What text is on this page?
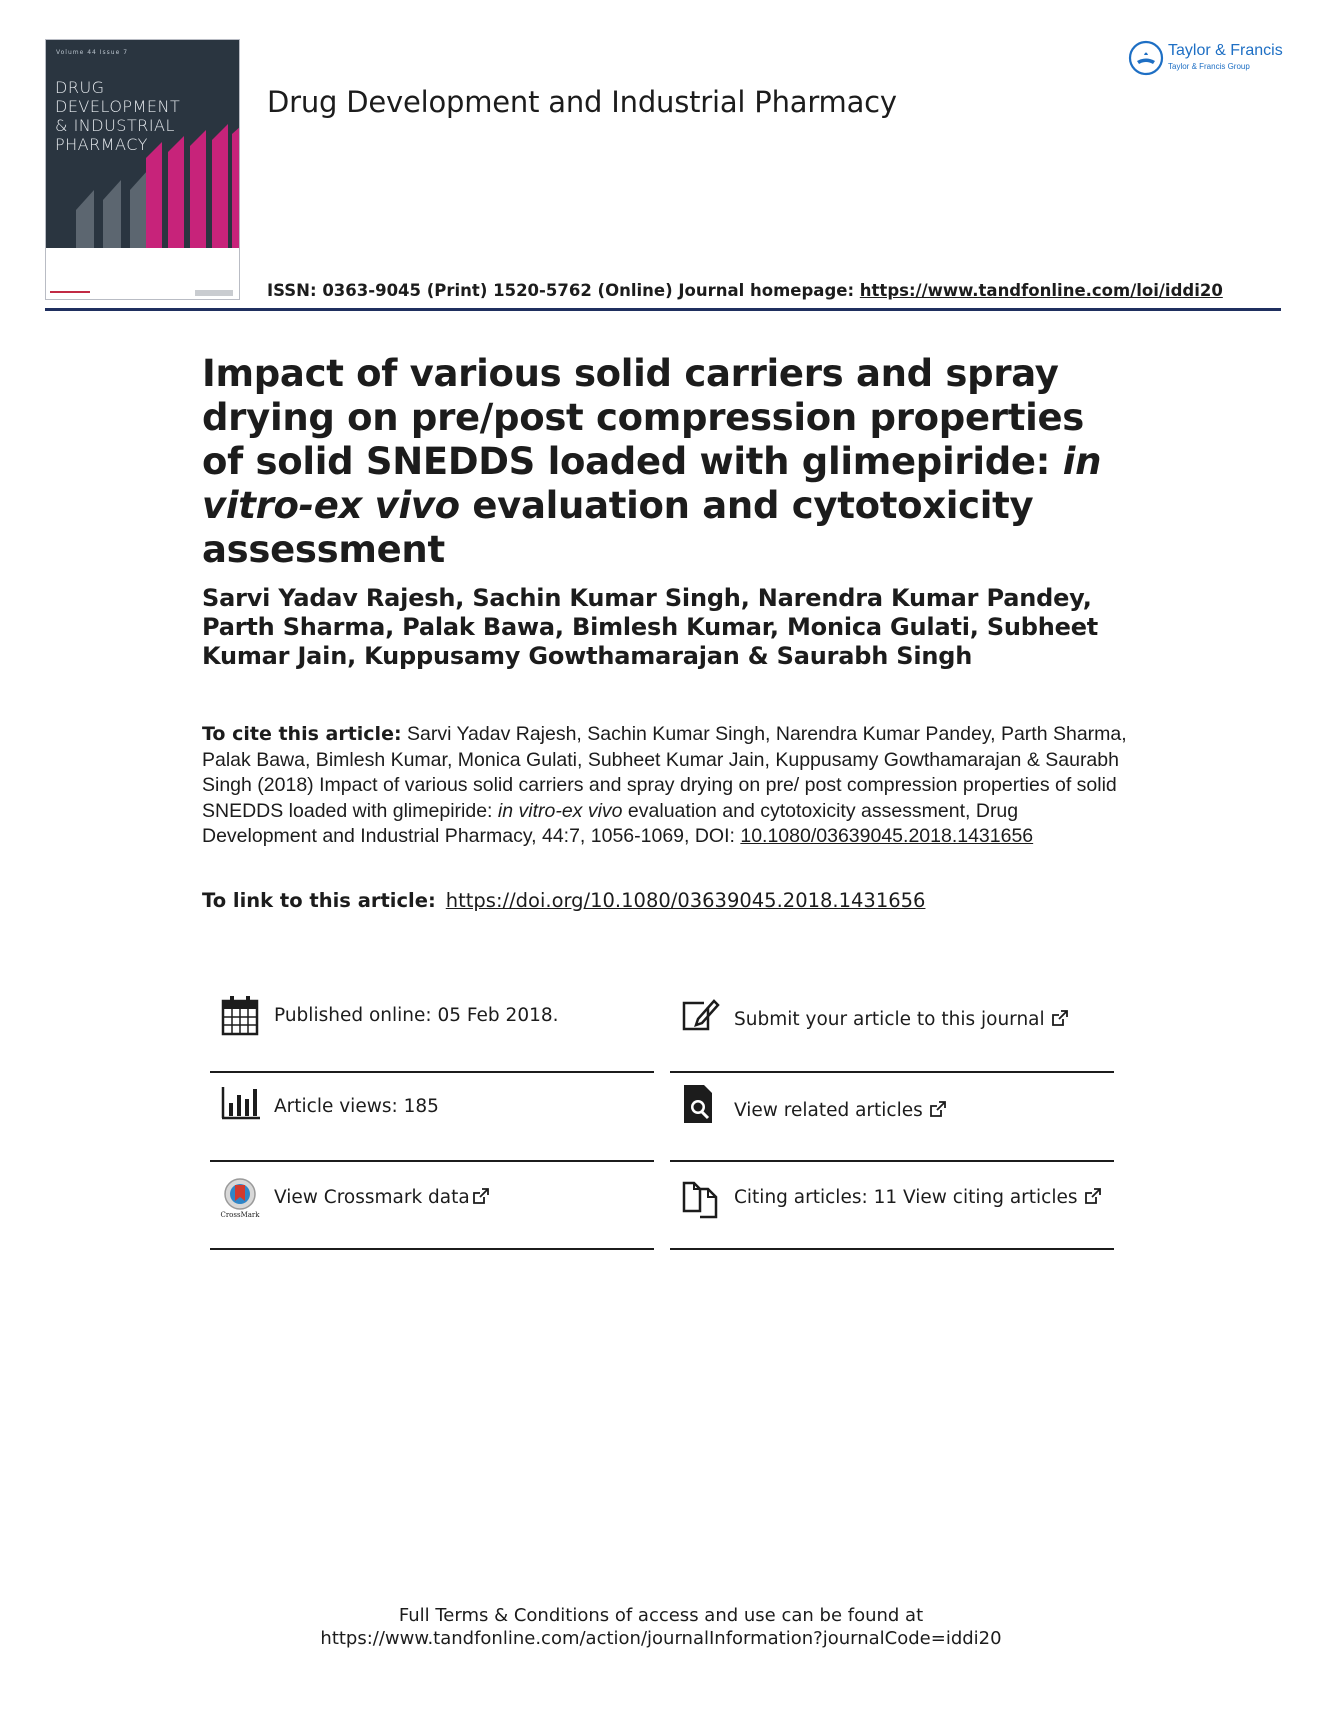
Volume 44 Issue 7
DRUG DEVELOPMENT
& INDUSTRIAL
PHARMACY
Drug Development and Industrial Pharmacy
ISSN: 0363-9045 (Print) 1520-5762 (Online) Journal homepage: https://www.tandfonline.com/loi/iddi20
Taylor & Francis
Taylor & Francis Group
Impact of various solid carriers and spray drying on pre/post compression properties of solid SNEDDS loaded with glimepiride: in vitro-ex vivo evaluation and cytotoxicity assessment
Sarvi Yadav Rajesh, Sachin Kumar Singh, Narendra Kumar Pandey, Parth Sharma, Palak Bawa, Bimlesh Kumar, Monica Gulati, Subheet Kumar Jain, Kuppusamy Gowthamarajan & Saurabh Singh
To cite this article: Sarvi Yadav Rajesh, Sachin Kumar Singh, Narendra Kumar Pandey, Parth Sharma, Palak Bawa, Bimlesh Kumar, Monica Gulati, Subheet Kumar Jain, Kuppusamy Gowthamarajan & Saurabh Singh (2018) Impact of various solid carriers and spray drying on pre/ post compression properties of solid SNEDDS loaded with glimepiride: in vitro-ex vivo evaluation and cytotoxicity assessment, Drug Development and Industrial Pharmacy, 44:7, 1056-1069, DOI: 10.1080/03639045.2018.1431656
To link to this article: https://doi.org/10.1080/03639045.2018.1431656
Published online: 05 Feb 2018.	Submit your article to this journal
Article views: 185	View related articles
CrossMark
View Crossmark data	Citing articles: 11 View citing articles
Full Terms & Conditions of access and use can be found at
https://www.tandfonline.com/action/journalInformation?journalCode=iddi20
